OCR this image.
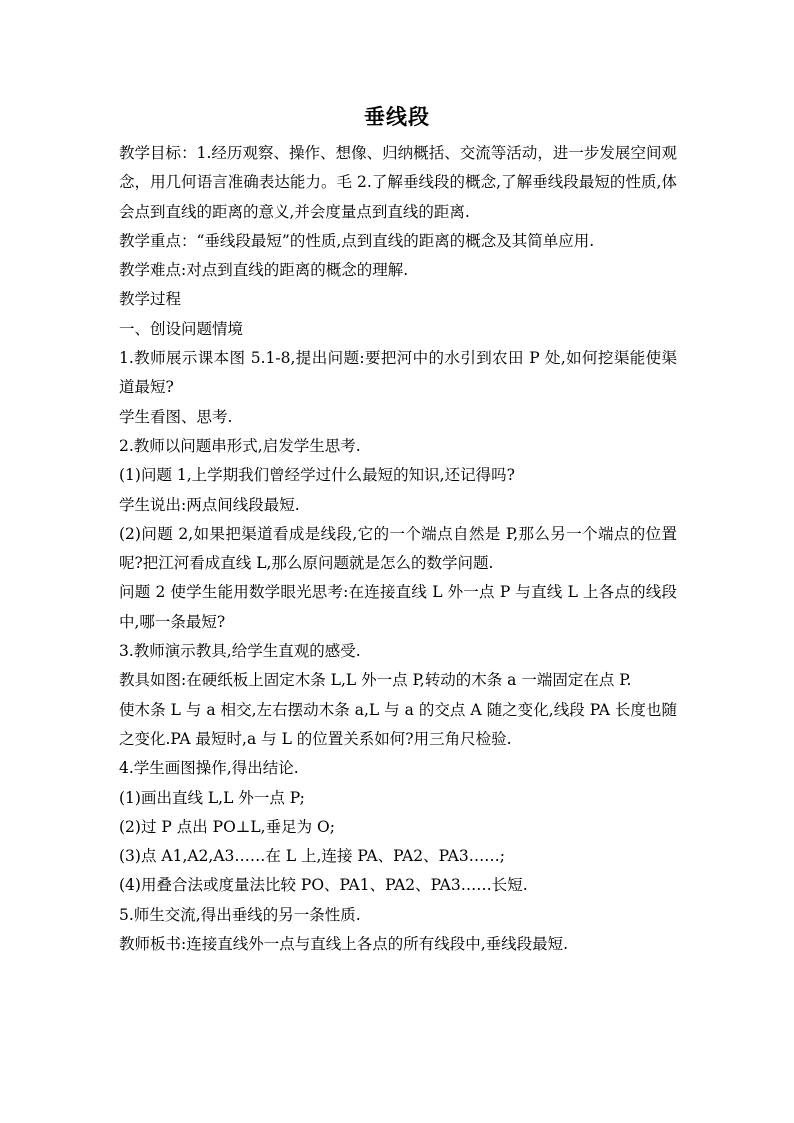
垂线段

教学目标：1.经历观察、操作、想像、归纳概括、交流等活动，进一步发展空间观念，用几何语言准确表达能力。毛 2.了解垂线段的概念,了解垂线段最短的性质,体会点到直线的距离的意义,并会度量点到直线的距离.

教学重点：“垂线段最短”的性质,点到直线的距离的概念及其简单应用.

教学难点:对点到直线的距离的概念的理解.

教学过程

一、创设问题情境

1.教师展示课本图 5.1-8,提出问题:要把河中的水引到农田 P 处,如何挖渠能使渠道最短?

学生看图、思考.

2.教师以问题串形式,启发学生思考.

(1)问题 1,上学期我们曾经学过什么最短的知识,还记得吗?

学生说出:两点间线段最短.

(2)问题 2,如果把渠道看成是线段,它的一个端点自然是 P,那么另一个端点的位置呢?把江河看成直线 L,那么原问题就是怎么的数学问题.

问题 2 使学生能用数学眼光思考:在连接直线 L 外一点 P 与直线 L 上各点的线段中,哪一条最短?

3.教师演示教具,给学生直观的感受.

教具如图:在硬纸板上固定木条 L,L 外一点 P,转动的木条 a 一端固定在点 P.

使木条 L 与 a 相交,左右摆动木条 a,L 与 a 的交点 A 随之变化,线段 PA 长度也随之变化.PA 最短时,a 与 L 的位置关系如何?用三角尺检验.

4.学生画图操作,得出结论.

(1)画出直线 L,L 外一点 P;

(2)过 P 点出 PO⊥L,垂足为 O;

(3)点 A1,A2,A3……在 L 上,连接 PA、PA2、PA3……;

(4)用叠合法或度量法比较 PO、PA1、PA2、PA3……长短.

5.师生交流,得出垂线的另一条性质.

教师板书:连接直线外一点与直线上各点的所有线段中,垂线段最短.
